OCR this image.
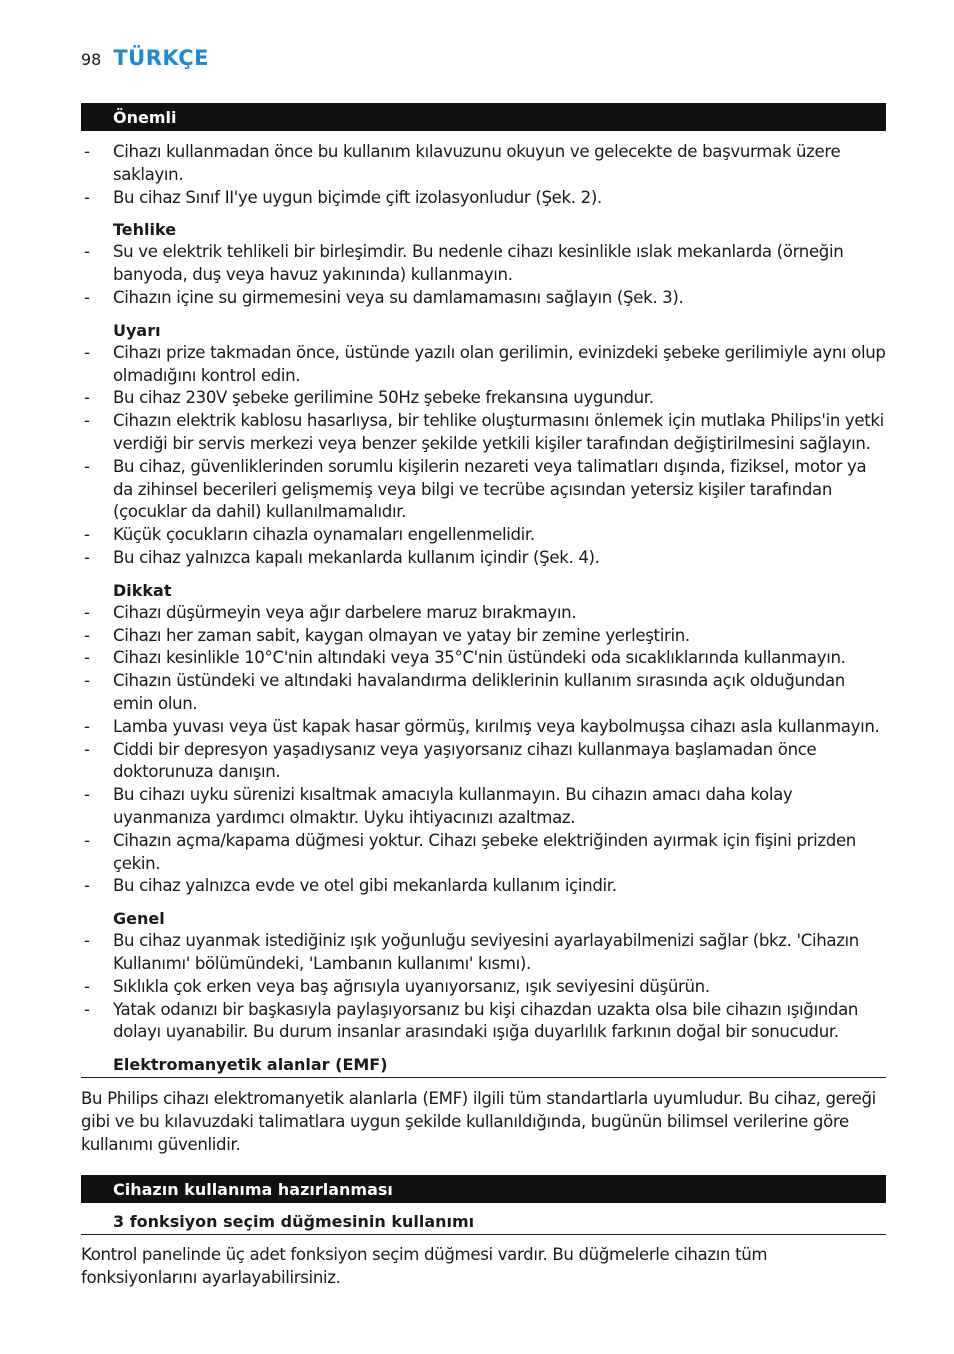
98 TÜRKÇE
Önemli
- Cihazı kullanmadan önce bu kullanım kılavuzunu okuyun ve gelecekte de başvurmak üzere saklayın.
- Bu cihaz Sınıf II'ye uygun biçimde çift izolasyonludur (Şek. 2).
Tehlike
- Su ve elektrik tehlikeli bir birleşimdir. Bu nedenle cihazı kesinlikle ıslak mekanlarda (örneğin banyoda, duş veya havuz yakınında) kullanmayın.
- Cihazın içine su girmemesini veya su damlamamasını sağlayın (Şek. 3).
Uyarı
- Cihazı prize takmadan önce, üstünde yazılı olan gerilimin, evinizdeki şebeke gerilimiyle aynı olup olmadığını kontrol edin.
- Bu cihaz 230V şebeke gerilimine 50Hz şebeke frekansına uygundur.
- Cihazın elektrik kablosu hasarlıysa, bir tehlike oluşturmasını önlemek için mutlaka Philips'in yetki verdiği bir servis merkezi veya benzer şekilde yetkili kişiler tarafından değiştirilmesini sağlayın.
- Bu cihaz, güvenliklerinden sorumlu kişilerin nezareti veya talimatları dışında, fiziksel, motor ya da zihinsel becerileri gelişmemiş veya bilgi ve tecrübe açısından yetersiz kişiler tarafından (çocuklar da dahil) kullanılmamalıdır.
- Küçük çocukların cihazla oynamaları engellenmelidir.
- Bu cihaz yalnızca kapalı mekanlarda kullanım içindir (Şek. 4).
Dikkat
- Cihazı düşürmeyin veya ağır darbelere maruz bırakmayın.
- Cihazı her zaman sabit, kaygan olmayan ve yatay bir zemine yerleştirin.
- Cihazı kesinlikle 10°C'nin altındaki veya 35°C'nin üstündeki oda sıcaklıklarında kullanmayın.
- Cihazın üstündeki ve altındaki havalandırma deliklerinin kullanım sırasında açık olduğundan emin olun.
- Lamba yuvası veya üst kapak hasar görmüş, kırılmış veya kaybolmuşsa cihazı asla kullanmayın.
- Ciddi bir depresyon yaşadıysanız veya yaşıyorsanız cihazı kullanmaya başlamadan önce doktorunuza danışın.
- Bu cihazı uyku sürenizi kısaltmak amacıyla kullanmayın. Bu cihazın amacı daha kolay uyanmanıza yardımcı olmaktır. Uyku ihtiyacınızı azaltmaz.
- Cihazın açma/kapama düğmesi yoktur. Cihazı şebeke elektriğinden ayırmak için fişini prizden çekin.
- Bu cihaz yalnızca evde ve otel gibi mekanlarda kullanım içindir.
Genel
- Bu cihaz uyanmak istediğiniz ışık yoğunluğu seviyesini ayarlayabilmenizi sağlar (bkz. 'Cihazın Kullanımı' bölümündeki, 'Lambanın kullanımı' kısmı).
- Sıklıkla çok erken veya baş ağrısıyla uyanıyorsanız, ışık seviyesini düşürün.
- Yatak odanızı bir başkasıyla paylaşıyorsanız bu kişi cihazdan uzakta olsa bile cihazın ışığından dolayı uyanabilir. Bu durum insanlar arasındaki ışığa duyarlılık farkının doğal bir sonucudur.
Elektromanyetik alanlar (EMF)
Bu Philips cihazı elektromanyetik alanlarla (EMF) ilgili tüm standartlarla uyumludur. Bu cihaz, gereği gibi ve bu kılavuzdaki talimatlara uygun şekilde kullanıldığında, bugünün bilimsel verilerine göre kullanımı güvenlidir.
Cihazın kullanıma hazırlanması
3 fonksiyon seçim düğmesinin kullanımı
Kontrol panelinde üç adet fonksiyon seçim düğmesi vardır. Bu düğmelerle cihazın tüm fonksiyonlarını ayarlayabilirsiniz.
